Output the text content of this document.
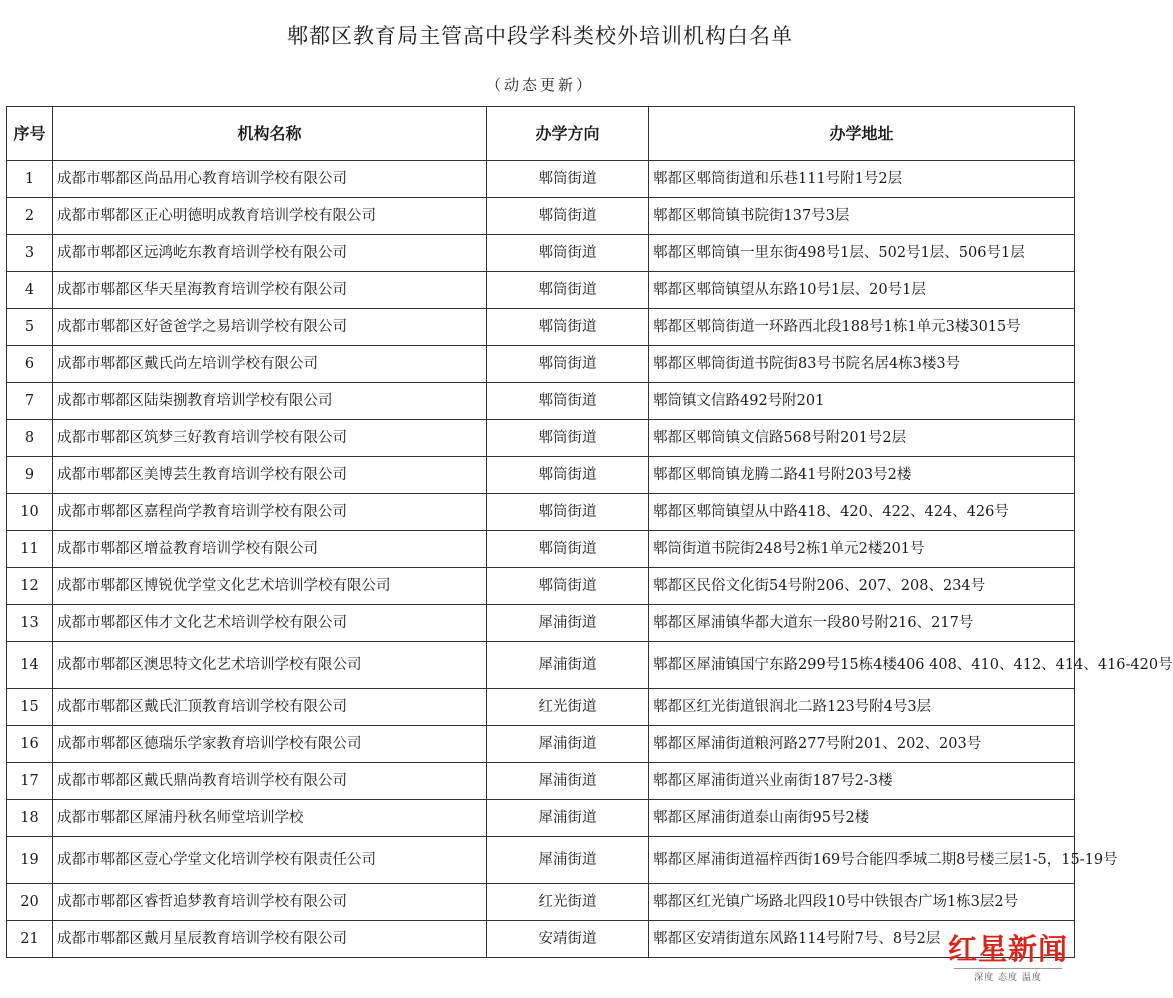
郫都区教育局主管高中段学科类校外培训机构白名单
（动态更新）
序号	机构名称	办学方向	办学地址
1	成都市郫都区尚品用心教育培训学校有限公司	郫筒街道	郫都区郫筒街道和乐巷111号附1号2层
2	成都市郫都区正心明德明成教育培训学校有限公司	郫筒街道	郫都区郫筒镇书院街137号3层
3	成都市郫都区远鸿屹东教育培训学校有限公司	郫筒街道	郫都区郫筒镇一里东街498号1层、502号1层、506号1层
4	成都市郫都区华天星海教育培训学校有限公司	郫筒街道	郫都区郫筒镇望从东路10号1层、20号1层
5	成都市郫都区好爸爸学之易培训学校有限公司	郫筒街道	郫都区郫筒街道一环路西北段188号1栋1单元3楼3015号
6	成都市郫都区戴氏尚左培训学校有限公司	郫筒街道	郫都区郫筒街道书院街83号书院名居4栋3楼3号
7	成都市郫都区陆柒捌教育培训学校有限公司	郫筒街道	郫筒镇文信路492号附201
8	成都市郫都区筑梦三好教育培训学校有限公司	郫筒街道	郫都区郫筒镇文信路568号附201号2层
9	成都市郫都区美博芸生教育培训学校有限公司	郫筒街道	郫都区郫筒镇龙腾二路41号附203号2楼
10	成都市郫都区嘉程尚学教育培训学校有限公司	郫筒街道	郫都区郫筒镇望从中路418、420、422、424、426号
11	成都市郫都区增益教育培训学校有限公司	郫筒街道	郫筒街道书院街248号2栋1单元2楼201号
12	成都市郫都区博锐优学堂文化艺术培训学校有限公司	郫筒街道	郫都区民俗文化街54号附206、207、208、234号
13	成都市郫都区伟才文化艺术培训学校有限公司	犀浦街道	郫都区犀浦镇华都大道东一段80号附216、217号
14	成都市郫都区澳思特文化艺术培训学校有限公司	犀浦街道	郫都区犀浦镇国宁东路299号15栋4楼406 408、410、412、414、416-420号
15	成都市郫都区戴氏汇顶教育培训学校有限公司	红光街道	郫都区红光街道银润北二路123号附4号3层
16	成都市郫都区德瑞乐学家教育培训学校有限公司	犀浦街道	郫都区犀浦街道粮河路277号附201、202、203号
17	成都市郫都区戴氏鼎尚教育培训学校有限公司	犀浦街道	郫都区犀浦街道兴业南街187号2-3楼
18	成都市郫都区犀浦丹秋名师堂培训学校	犀浦街道	郫都区犀浦街道泰山南街95号2楼
19	成都市郫都区壹心学堂文化培训学校有限责任公司	犀浦街道	郫都区犀浦街道福梓西街169号合能四季城二期8号楼三层1-5，15-19号
20	成都市郫都区睿哲追梦教育培训学校有限公司	红光街道	郫都区红光镇广场路北四段10号中铁银杏广场1栋3层2号
21	成都市郫都区戴月星辰教育培训学校有限公司	安靖街道	郫都区安靖街道东风路114号附7号、8号2层 红星新闻
深度 态度 温度
